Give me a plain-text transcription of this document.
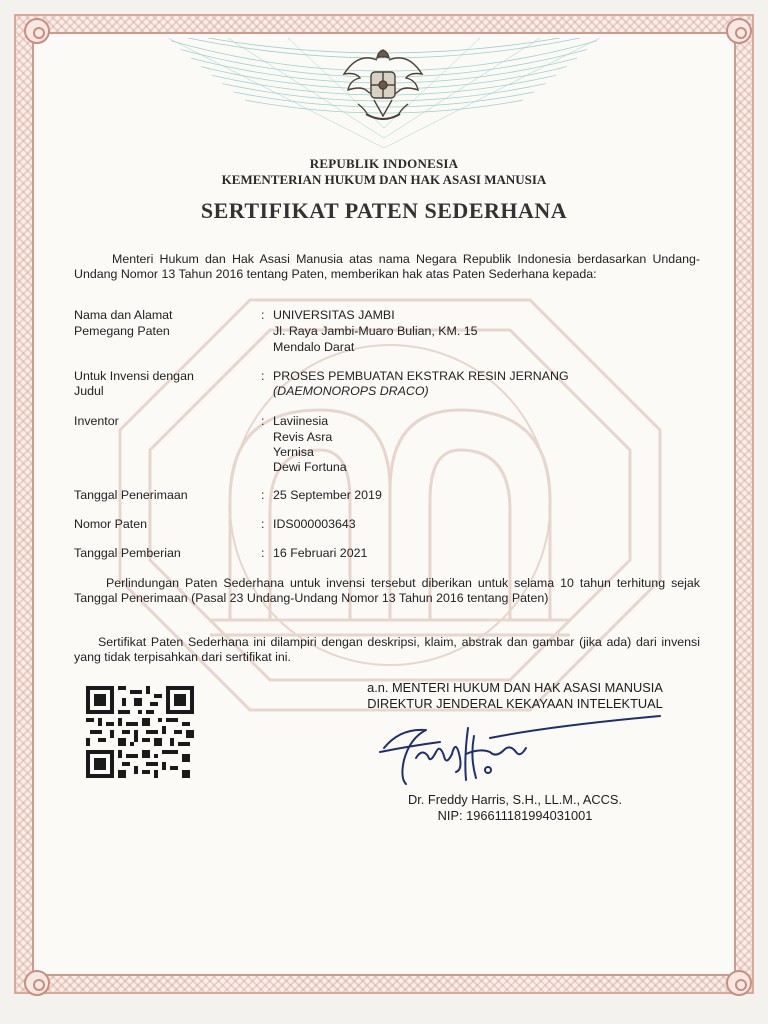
REPUBLIK INDONESIA
KEMENTERIAN HUKUM DAN HAK ASASI MANUSIA
SERTIFIKAT PATEN SEDERHANA
Menteri Hukum dan Hak Asasi Manusia atas nama Negara Republik Indonesia berdasarkan Undang-Undang Nomor 13 Tahun 2016 tentang Paten, memberikan hak atas Paten Sederhana kepada:
Nama dan Alamat	: UNIVERSITAS JAMBI
Pemegang Paten	Jl. Raya Jambi-Muaro Bulian, KM. 15
Mendalo Darat
Untuk Invensi dengan	: PROSES PEMBUATAN EKSTRAK RESIN JERNANG
Judul	(DAEMONOROPS DRACO)
Inventor	: Laviinesia
Revis Asra
Yernisa
Dewi Fortuna
Tanggal Penerimaan	: 25 September 2019
Nomor Paten	: IDS000003643
Tanggal Pemberian	: 16 Februari 2021
Perlindungan Paten Sederhana untuk invensi tersebut diberikan untuk selama 10 tahun terhitung sejak Tanggal Penerimaan (Pasal 23 Undang-Undang Nomor 13 Tahun 2016 tentang Paten)
Sertifikat Paten Sederhana ini dilampiri dengan deskripsi, klaim, abstrak dan gambar (jika ada) dari invensi yang tidak terpisahkan dari sertifikat ini.
a.n. MENTERI HUKUM DAN HAK ASASI MANUSIA
DIREKTUR JENDERAL KEKAYAAN INTELEKTUAL
Dr. Freddy Harris, S.H., LL.M., ACCS.
NIP: 196611181994031001
